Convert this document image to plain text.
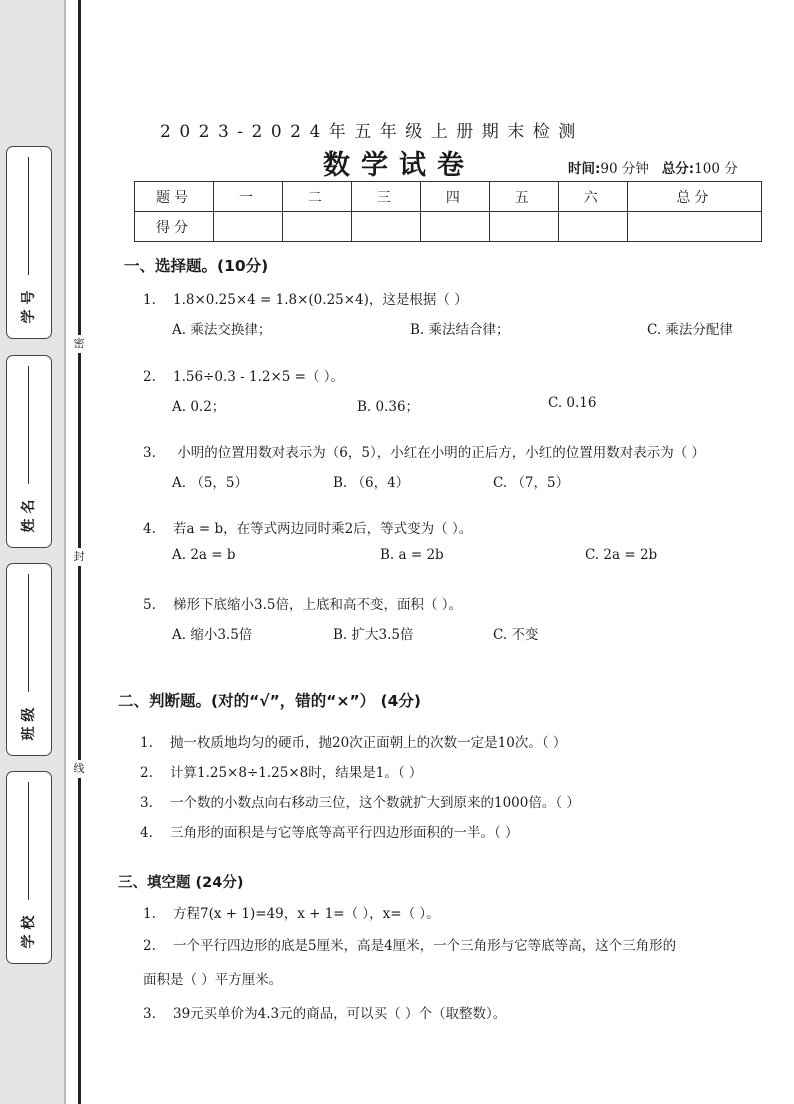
密
封
线
学 号
姓 名
班 级
学 校
2023-2024年五年级上册期末检测
数学试卷	时间:90 分钟 总分:100 分
题号	一	二	三	四	五	六	总分
得分							
一、选择题。(10分)
1. 1.8×0.25×4 = 1.8×(0.25×4)，这是根据（ ）
A. 乘法交换律；	B. 乘法结合律；	C. 乘法分配律
2. 1.56÷0.3 - 1.2×5 =（ ）。
A. 0.2；	B. 0.36；	C. 0.16
3. 小明的位置用数对表示为（6，5），小红在小明的正后方，小红的位置用数对表示为（ ）
A. （5，5）	B. （6，4）	C. （7，5）
4. 若a = b，在等式两边同时乘2后，等式变为（ ）。
A. 2a = b	B. a = 2b	C. 2a = 2b
5. 梯形下底缩小3.5倍，上底和高不变，面积（ ）。
A. 缩小3.5倍	B. 扩大3.5倍	C. 不变
二、判断题。(对的“√”，错的“×”） (4分)
1. 抛一枚质地均匀的硬币，抛20次正面朝上的次数一定是10次。（ ）
2. 计算1.25×8÷1.25×8时，结果是1。（ ）
3. 一个数的小数点向右移动三位，这个数就扩大到原来的1000倍。（ ）
4. 三角形的面积是与它等底等高平行四边形面积的一半。（ ）
三、填空题 (24分)
1. 方程7(x + 1)=49，x + 1=（ ），x=（ ）。
2. 一个平行四边形的底是5厘米，高是4厘米，一个三角形与它等底等高，这个三角形的
面积是（ ）平方厘米。
3. 39元买单价为4.3元的商品，可以买（ ）个（取整数）。
